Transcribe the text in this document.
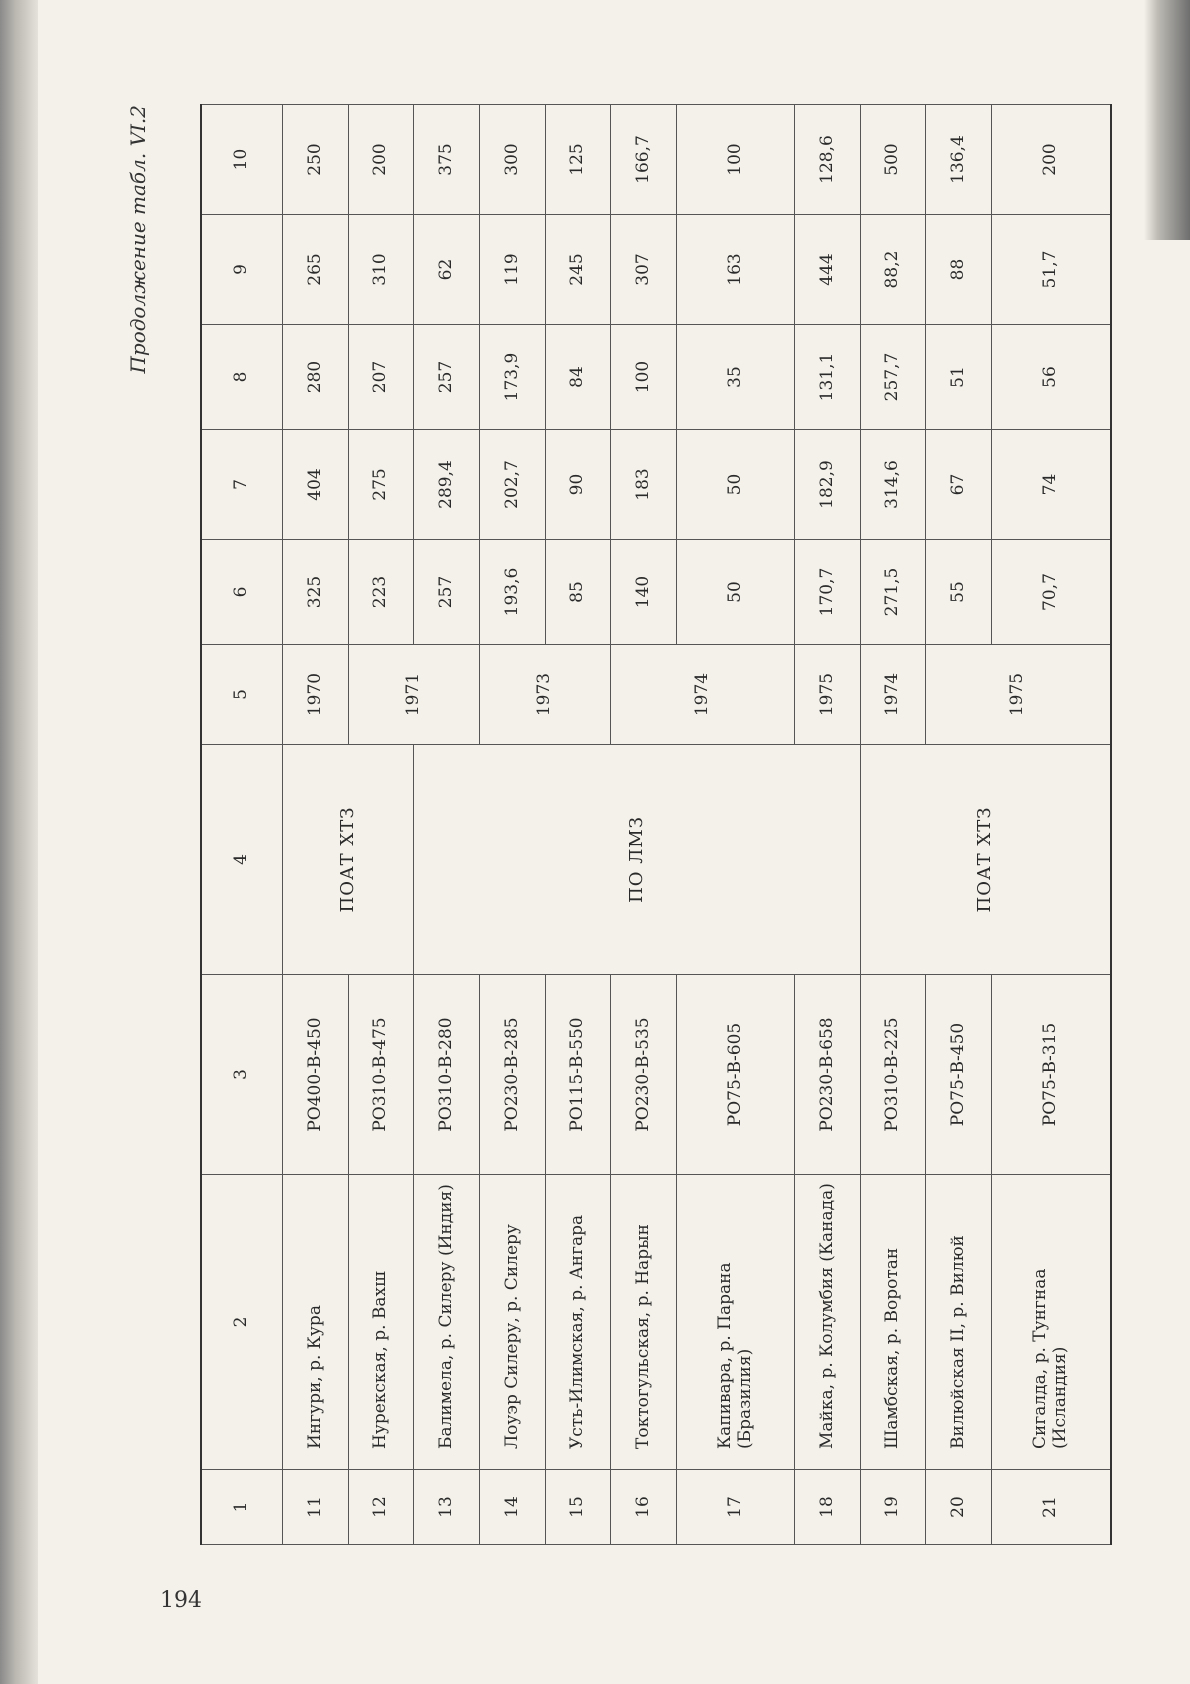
194
Продолжение табл. VI.2
1	2	3	4	5	6	7	8	9	10
11	Ингури, р. Кура	РО400-В-450	ПОАТ ХТЗ	1970	325	404	280	265	250
12	Нурекская, р. Вахш	РО310-В-475		1971	223	275	207	310	200
13	Балимела, р. Силеру (Индия)	РО310-В-280	ПО ЛМЗ		257	289,4	257	62	375
14	Лоуэр Силеру, р. Силеру	РО230-В-285		1973	193,6	202,7	173,9	119	300
15	Усть-Илимская, р. Ангара	РО115-В-550			85	90	84	245	125
16	Токтогульская, р. Нарын	РО230-В-535		1974	140	183	100	307	166,7
17	Капивара, р. Парана (Бразилия)	РО75-В-605			50	50	35	163	100
18	Майка, р. Колумбия (Канада)	РО230-В-658		1975	170,7	182,9	131,1	444	128,6
19	Шамбская, р. Воротан	РО310-В-225	ПОАТ ХТЗ	1974	271,5	314,6	257,7	88,2	500
20	Вилюйская II, р. Вилюй	РО75-В-450		1975	55	67	51	88	136,4
21	Сигалда, р. Тунгнаа (Исландия)	РО75-В-315			70,7	74	56	51,7	200
